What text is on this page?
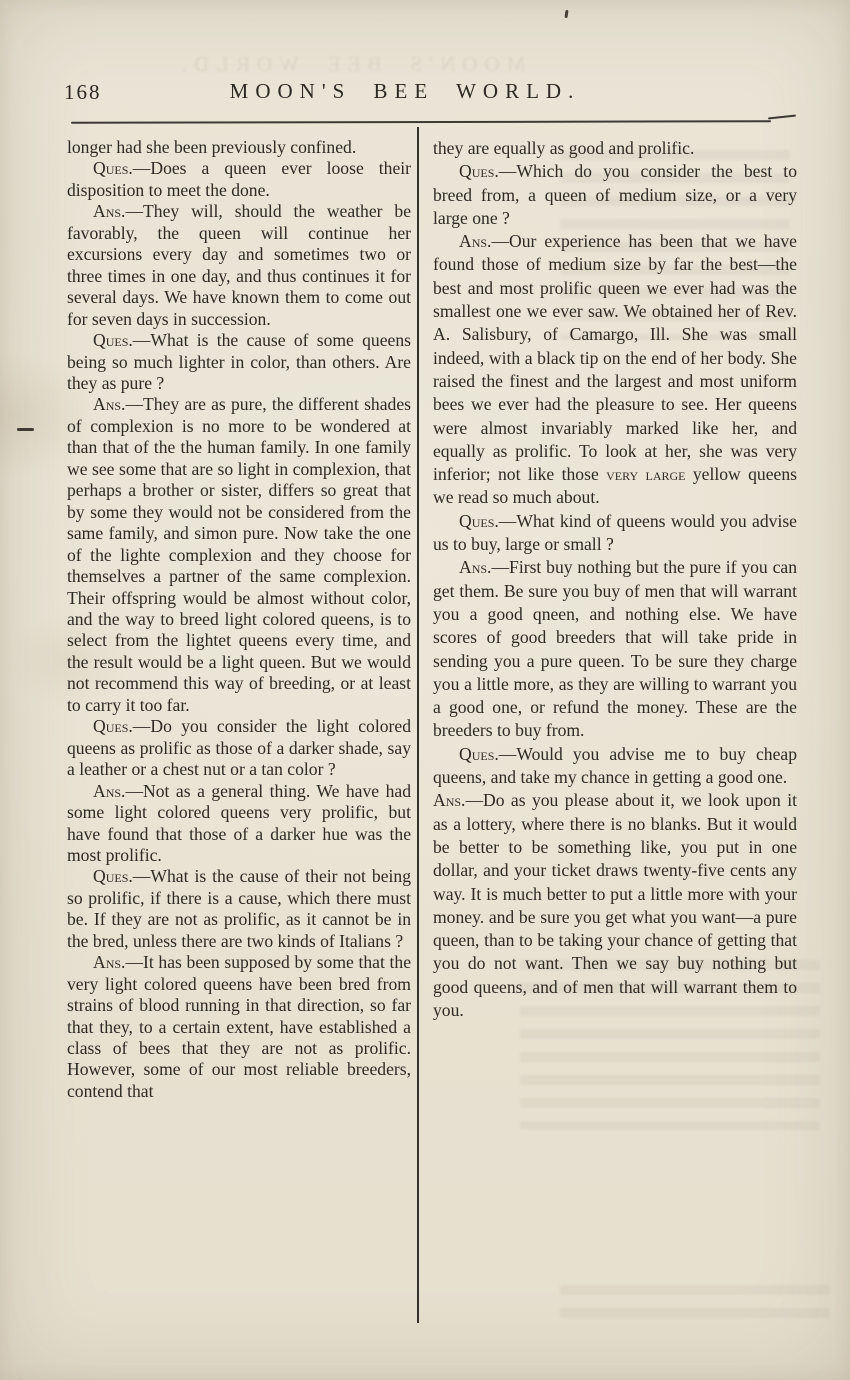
MOON'S BEE WORLD.
168	MOON'S BEE WORLD.

longer had she been previously confined.

Ques.—Does a queen ever loose their disposition to meet the done.

Ans.—They will, should the weather be favorably, the queen will continue her excursions every day and sometimes two or three times in one day, and thus continues it for several days. We have known them to come out for seven days in succession.

Ques.—What is the cause of some queens being so much lighter in color, than others. Are they as pure ?

Ans.—They are as pure, the different shades of complexion is no more to be wondered at than that of the the human family. In one family we see some that are so light in complexion, that perhaps a brother or sister, differs so great that by some they would not be considered from the same family, and simon pure. Now take the one of the lighte complexion and they choose for themselves a partner of the same complexion. Their offspring would be almost without color, and the way to breed light colored queens, is to select from the lightet queens every time, and the result would be a light queen. But we would not recommend this way of breeding, or at least to carry it too far.

Ques.—Do you consider the light colored queens as prolific as those of a darker shade, say a leather or a chest nut or a tan color ?

Ans.—Not as a general thing. We have had some light colored queens very prolific, but have found that those of a darker hue was the most prolific.

Ques.—What is the cause of their not being so prolific, if there is a cause, which there must be. If they are not as prolific, as it cannot be in the bred, unless there are two kinds of Italians ?

Ans.—It has been supposed by some that the very light colored queens have been bred from strains of blood running in that direction, so far that they, to a certain extent, have established a class of bees that they are not as prolific. However, some of our most reliable breeders, contend that

they are equally as good and prolific.

Ques.—Which do you consider the best to breed from, a queen of medium size, or a very large one ?

Ans.—Our experience has been that we have found those of medium size by far the best—the best and most prolific queen we ever had was the smallest one we ever saw. We obtained her of Rev. A. Salisbury, of Camargo, Ill. She was small indeed, with a black tip on the end of her body. She raised the finest and the largest and most uniform bees we ever had the pleasure to see. Her queens were almost invariably marked like her, and equally as prolific. To look at her, she was very inferior; not like those very large yellow queens we read so much about.

Ques.—What kind of queens would you advise us to buy, large or small ?

Ans.—First buy nothing but the pure if you can get them. Be sure you buy of men that will warrant you a good qneen, and nothing else. We have scores of good breeders that will take pride in sending you a pure queen. To be sure they charge you a little more, as they are willing to warrant you a good one, or refund the money. These are the breeders to buy from.

Ques.—Would you advise me to buy cheap queens, and take my chance in getting a good one.

Ans.—Do as you please about it, we look upon it as a lottery, where there is no blanks. But it would be better to be something like, you put in one dollar, and your ticket draws twenty-five cents any way. It is much better to put a little more with your money. and be sure you get what you want—a pure queen, than to be taking your chance of getting that you do not want. Then we say buy nothing but good queens, and of men that will warrant them to you.
